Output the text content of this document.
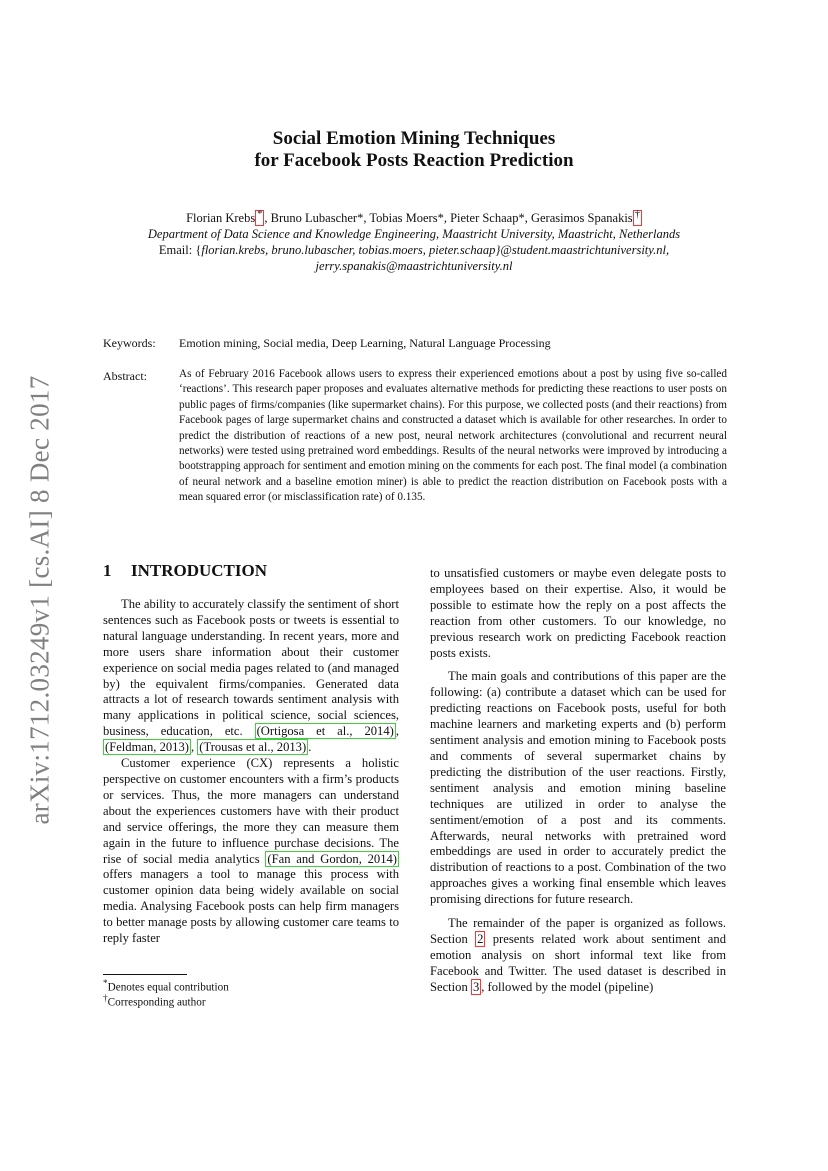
arXiv:1712.03249v1 [cs.AI] 8 Dec 2017
Social Emotion Mining Techniques
for Facebook Posts Reaction Prediction
Florian Krebs * , Bruno Lubascher*, Tobias Moers*, Pieter Schaap*, Gerasimos Spanakis †
Department of Data Science and Knowledge Engineering, Maastricht University, Maastricht, Netherlands
Email: {florian.krebs, bruno.lubascher, tobias.moers, pieter.schaap}@student.maastrichtuniversity.nl,
jerry.spanakis@maastrichtuniversity.nl
Keywords: Emotion mining, Social media, Deep Learning, Natural Language Processing
Abstract:	As of February 2016 Facebook allows users to express their experienced emotions about a post by using five so-called ‘reactions’. This research paper proposes and evaluates alternative methods for predicting these reactions to user posts on public pages of firms/companies (like supermarket chains). For this purpose, we collected posts (and their reactions) from Facebook pages of large supermarket chains and constructed a dataset which is available for other researches. In order to predict the distribution of reactions of a new post, neural network architectures (convolutional and recurrent neural networks) were tested using pretrained word embeddings. Results of the neural networks were improved by introducing a bootstrapping approach for sentiment and emotion mining on the comments for each post. The final model (a combination of neural network and a baseline emotion miner) is able to predict the reaction distribution on Facebook posts with a mean squared error (or misclassification rate) of 0.135.
1 INTRODUCTION

The ability to accurately classify the sentiment of short sentences such as Facebook posts or tweets is essential to natural language understanding. In recent years, more and more users share information about their customer experience on social media pages related to (and managed by) the equivalent firms/companies. Generated data attracts a lot of research towards sentiment analysis with many applications in political science, social sciences, business, education, etc. (Ortigosa et al., 2014) , (Feldman, 2013) , (Trousas et al., 2013) .

Customer experience (CX) represents a holistic perspective on customer encounters with a firm’s products or services. Thus, the more managers can understand about the experiences customers have with their product and service offerings, the more they can measure them again in the future to influence purchase decisions. The rise of social media analytics (Fan and Gordon, 2014) offers managers a tool to manage this process with customer opinion data being widely available on social media. Analysing Facebook posts can help firm managers to better manage posts by allowing customer care teams to reply faster

*Denotes equal contribution
†Corresponding author

to unsatisfied customers or maybe even delegate posts to employees based on their expertise. Also, it would be possible to estimate how the reply on a post affects the reaction from other customers. To our knowledge, no previous research work on predicting Facebook reaction posts exists.

The main goals and contributions of this paper are the following: (a) contribute a dataset which can be used for predicting reactions on Facebook posts, useful for both machine learners and marketing experts and (b) perform sentiment analysis and emotion mining to Facebook posts and comments of several supermarket chains by predicting the distribution of the user reactions. Firstly, sentiment analysis and emotion mining baseline techniques are utilized in order to analyse the sentiment/emotion of a post and its comments. Afterwards, neural networks with pretrained word embeddings are used in order to accurately predict the distribution of reactions to a post. Combination of the two approaches gives a working final ensemble which leaves promising directions for future research.

The remainder of the paper is organized as follows. Section 2 presents related work about sentiment and emotion analysis on short informal text like from Facebook and Twitter. The used dataset is described in Section 3 , followed by the model (pipeline)
